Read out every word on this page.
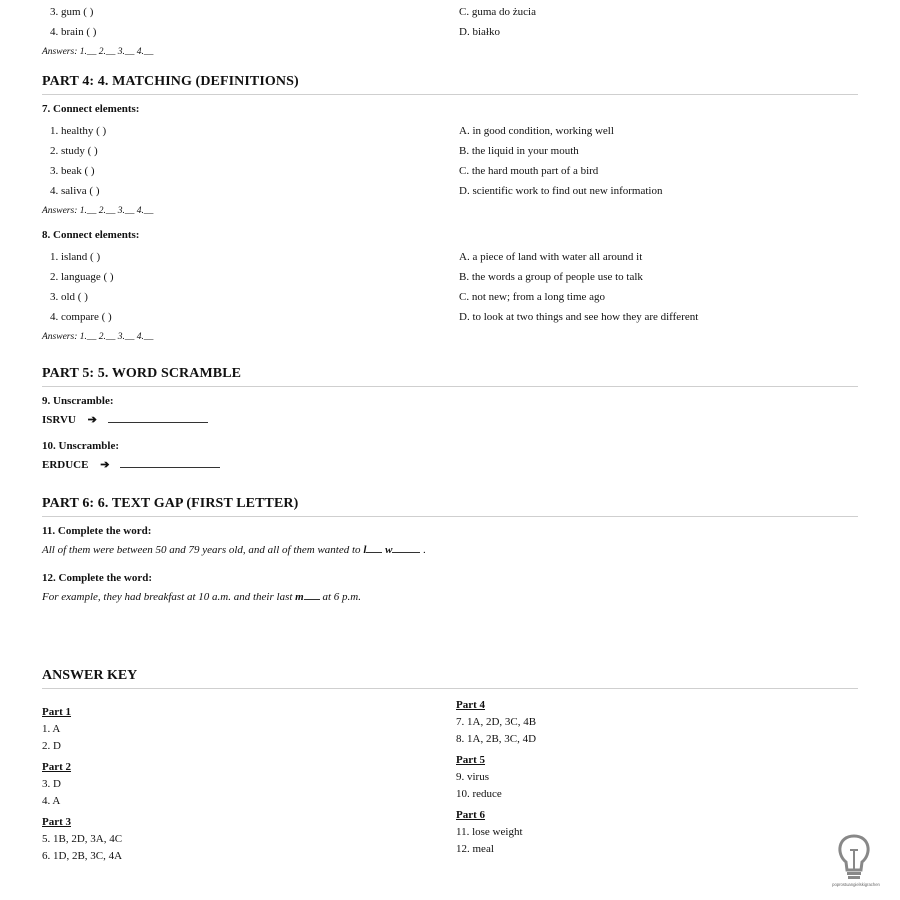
3. gum ( )	C. guma do żucia
4. brain ( )	D. białko
Answers: 1.__ 2.__ 3.__ 4.__
PART 4: 4. MATCHING (DEFINITIONS)
7. Connect elements:
1. healthy ( )	A. in good condition, working well
2. study ( )	B. the liquid in your mouth
3. beak ( )	C. the hard mouth part of a bird
4. saliva ( )	D. scientific work to find out new information
Answers: 1.__ 2.__ 3.__ 4.__
8. Connect elements:
1. island ( )	A. a piece of land with water all around it
2. language ( )	B. the words a group of people use to talk
3. old ( )	C. not new; from a long time ago
4. compare ( )	D. to look at two things and see how they are different
Answers: 1.__ 2.__ 3.__ 4.__
PART 5: 5. WORD SCRAMBLE
9. Unscramble:
ISRVU ➔
10. Unscramble:
ERDUCE ➔
PART 6: 6. TEXT GAP (FIRST LETTER)
11. Complete the word:
All of them were between 50 and 79 years old, and all of them wanted to l w	.
12. Complete the word:
For example, they had breakfast at 10 a.m. and their last m at 6 p.m.
ANSWER KEY
Part 1
1. A
2. D
Part 2
3. D
4. A
Part 3
5. 1B, 2D, 3A, 4C
6. 1D, 2B, 3C, 4A
Part 4
7. 1A, 2D, 3C, 4B
8. 1A, 2B, 3C, 4D
Part 5
9. virus
10. reduce
Part 6
11. lose weight
12. meal
poprostuangielskigrachen
